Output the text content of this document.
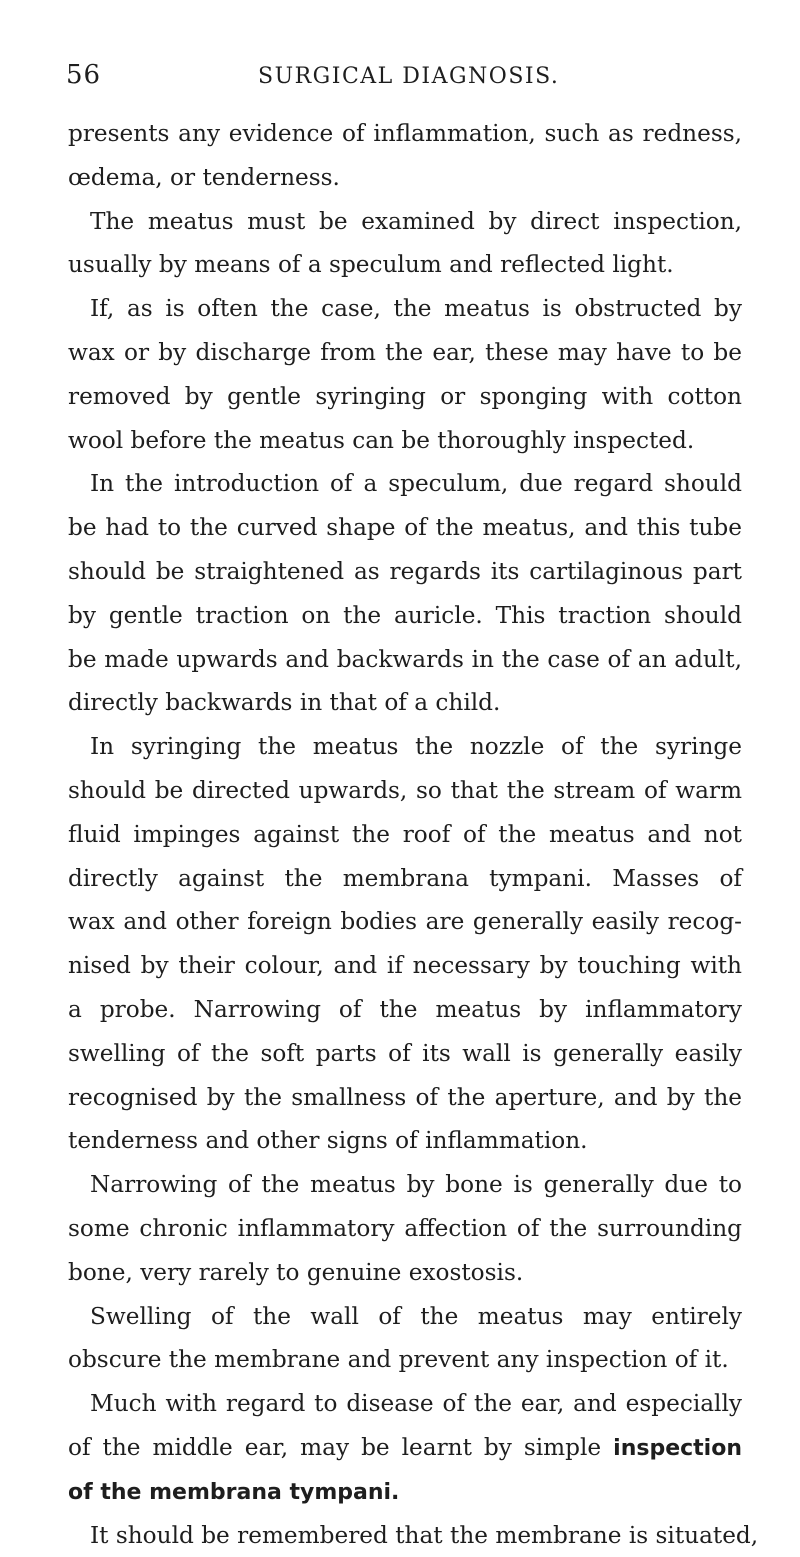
56	SURGICAL DIAGNOSIS.
presents any evidence of inflammation, such as redness,
œdema, or tenderness.
The meatus must be examined by direct inspection,
usually by means of a speculum and reflected light.
If, as is often the case, the meatus is obstructed by
wax or by discharge from the ear, these may have to be
removed by gentle syringing or sponging with cotton
wool before the meatus can be thoroughly inspected.
In the introduction of a speculum, due regard should
be had to the curved shape of the meatus, and this tube
should be straightened as regards its cartilaginous part
by gentle traction on the auricle. This traction should
be made upwards and backwards in the case of an adult,
directly backwards in that of a child.
In syringing the meatus the nozzle of the syringe
should be directed upwards, so that the stream of warm
fluid impinges against the roof of the meatus and not
directly against the membrana tympani. Masses of
wax and other foreign bodies are generally easily recog-
nised by their colour, and if necessary by touching with
a probe. Narrowing of the meatus by inflammatory
swelling of the soft parts of its wall is generally easily
recognised by the smallness of the aperture, and by the
tenderness and other signs of inflammation.
Narrowing of the meatus by bone is generally due to
some chronic inflammatory affection of the surrounding
bone, very rarely to genuine exostosis.
Swelling of the wall of the meatus may entirely
obscure the membrane and prevent any inspection of it.
Much with regard to disease of the ear, and especially
of the middle ear, may be learnt by simple inspection
of the membrana tympani.
It should be remembered that the membrane is situated,
